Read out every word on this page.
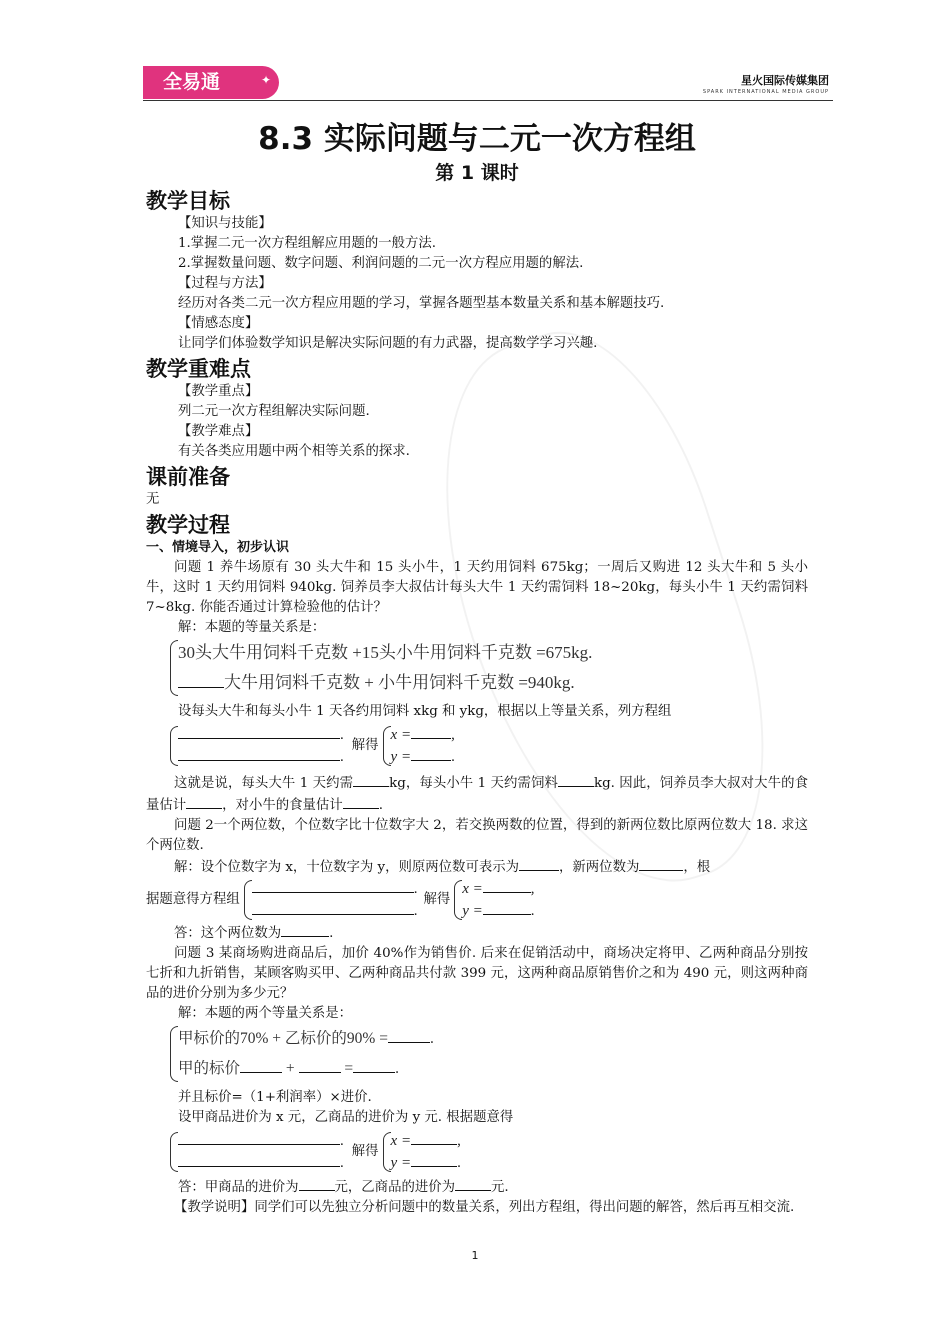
全易通	✦	星火国际传媒集团
SPARK INTERNATIONAL MEDIA GROUP
8.3 实际问题与二元一次方程组
第 1 课时
教学目标

【知识与技能】

1.掌握二元一次方程组解应用题的一般方法.

2.掌握数量问题、数字问题、利润问题的二元一次方程应用题的解法.

【过程与方法】

经历对各类二元一次方程应用题的学习，掌握各题型基本数量关系和基本解题技巧.

【情感态度】

让同学们体验数学知识是解决实际问题的有力武器，提高数学学习兴趣.

教学重难点

【教学重点】

列二元一次方程组解决实际问题.

【教学难点】

有关各类应用题中两个相等关系的探求.

课前准备

无

教学过程

一、情境导入，初步认识

问题 1 养牛场原有 30 头大牛和 15 头小牛，1 天约用饲料 675kg；一周后又购进 12 头大牛和 5 头小牛，这时 1 天约用饲料 940kg. 饲养员李大叔估计每头大牛 1 天约需饲料 18~20kg，每头小牛 1 天约需饲料 7~8kg. 你能否通过计算检验他的估计？

解：本题的等量关系是：

30头大牛用饲料千克数 +15头小牛用饲料千克数 =675kg.
大牛用饲料千克数 + 小牛用饲料千克数 =940kg.

设每头大牛和每头小牛 1 天各约用饲料 xkg 和 ykg，根据以上等量关系，列方程组

.
.
解得
x =	,
y =	.

这就是说，每头大牛 1 天约需	kg，每头小牛 1 天约需饲料	kg. 因此，饲养员李大叔对大牛的食量估计	，对小牛的食量估计	.

问题 2一个两位数，个位数字比十位数字大 2，若交换两数的位置，得到的新两位数比原两位数大 18. 求这个两位数.

解：设个位数字为 x，十位数字为 y，则原两位数可表示为	，新两位数为	，根

据题意得方程组
.
.
解得
x =	,
y =	.

答：这个两位数为	.

问题 3 某商场购进商品后，加价 40%作为销售价. 后来在促销活动中，商场决定将甲、乙两种商品分别按七折和九折销售，某顾客购买甲、乙两种商品共付款 399 元，这两种商品原销售价之和为 490 元，则这两种商品的进价分别为多少元？

解：本题的两个等量关系是：

甲标价的70% + 乙标价的90% =	.
甲的标价	+	=	.

并且标价=（1+利润率）×进价.

设甲商品进价为 x 元，乙商品的进价为 y 元. 根据题意得

.
.
解得
x =	,
y =	.

答：甲商品的进价为	元，乙商品的进价为	元.

【教学说明】同学们可以先独立分析问题中的数量关系，列出方程组，得出问题的解答，然后再互相交流.

1
